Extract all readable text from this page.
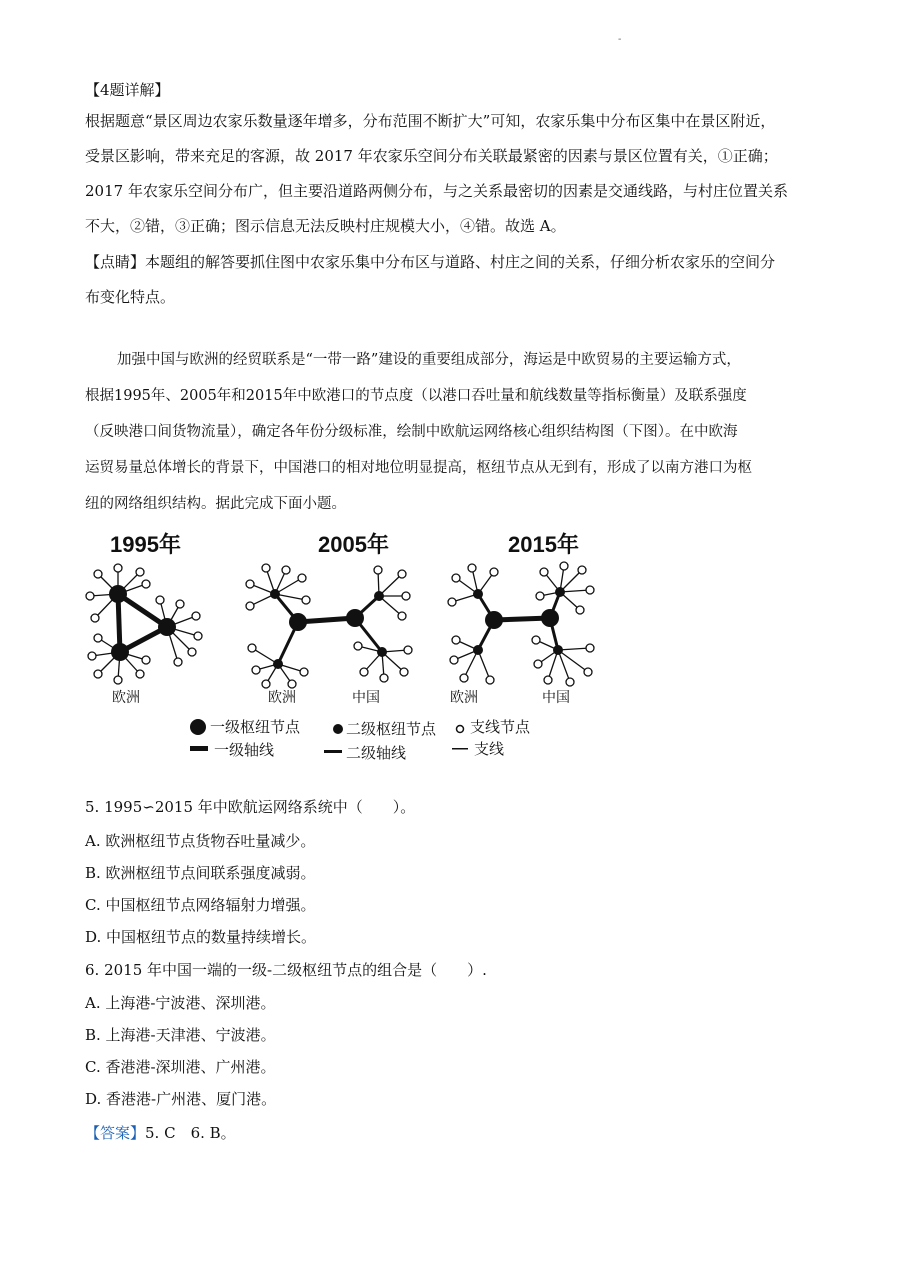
-
【4题详解】
根据题意“景区周边农家乐数量逐年增多，分布范围不断扩大”可知，农家乐集中分布区集中在景区附近，
受景区影响，带来充足的客源，故 2017 年农家乐空间分布关联最紧密的因素与景区位置有关，①正确；
2017 年农家乐空间分布广，但主要沿道路两侧分布，与之关系最密切的因素是交通线路，与村庄位置关系
不大，②错，③正确；图示信息无法反映村庄规模大小，④错。故选 A。
【点睛】本题组的解答要抓住图中农家乐集中分布区与道路、村庄之间的关系，仔细分析农家乐的空间分
布变化特点。
加强中国与欧洲的经贸联系是“一带一路”建设的重要组成部分，海运是中欧贸易的主要运输方式，
根据1995年、2005年和2015年中欧港口的节点度（以港口吞吐量和航线数量等指标衡量）及联系强度
（反映港口间货物流量），确定各年份分级标准，绘制中欧航运网络核心组织结构图（下图）。在中欧海
运贸易量总体增长的背景下，中国港口的相对地位明显提高，枢纽节点从无到有，形成了以南方港口为枢
纽的网络组织结构。据此完成下面小题。
1995年	2005年	2015年
欧洲	欧洲	中国	欧洲	中国
一级枢纽节点	二级枢纽节点 支线节点
一级轴线	二级轴线	支线
5. 1995∽2015 年中欧航运网络系统中（　　）。
A. 欧洲枢纽节点货物吞吐量减少。
B. 欧洲枢纽节点间联系强度减弱。
C. 中国枢纽节点网络辐射力增强。
D. 中国枢纽节点的数量持续增长。
6. 2015 年中国一端的一级-二级枢纽节点的组合是（　　）.
A. 上海港-宁波港、深圳港。
B. 上海港-天津港、宁波港。
C. 香港港-深圳港、广州港。
D. 香港港-广州港、厦门港。
【答案】5. C　6. B。
